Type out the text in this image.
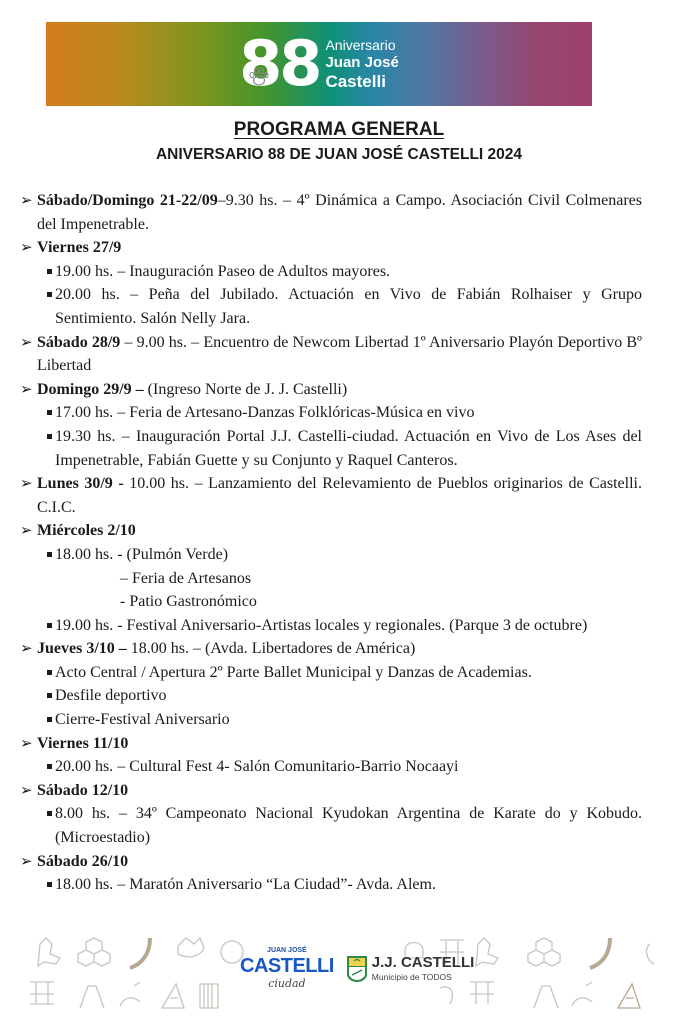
88 Aniversario
Juan José
Castelli
PROGRAMA GENERAL
ANIVERSARIO 88 DE JUAN JOSÉ CASTELLI 2024
➢ Sábado/Domingo 21-22/09–9.30 hs. – 4º Dinámica a Campo. Asociación Civil Colmenares del Impenetrable.
➢ Viernes 27/9
19.00 hs. – Inauguración Paseo de Adultos mayores.
20.00 hs. – Peña del Jubilado. Actuación en Vivo de Fabián Rolhaiser y Grupo Sentimiento. Salón Nelly Jara.
➢ Sábado 28/9 – 9.00 hs. – Encuentro de Newcom Libertad 1º Aniversario Playón Deportivo Bº Libertad
➢ Domingo 29/9 – (Ingreso Norte de J. J. Castelli)
17.00 hs. – Feria de Artesano-Danzas Folklóricas-Música en vivo
19.30 hs. – Inauguración Portal J.J. Castelli-ciudad. Actuación en Vivo de Los Ases del Impenetrable, Fabián Guette y su Conjunto y Raquel Canteros.
➢ Lunes 30/9 - 10.00 hs. – Lanzamiento del Relevamiento de Pueblos originarios de Castelli. C.I.C.
➢ Miércoles 2/10
18.00 hs. - (Pulmón Verde)
– Feria de Artesanos
- Patio Gastronómico
19.00 hs. - Festival Aniversario-Artistas locales y regionales. (Parque 3 de octubre)
➢ Jueves 3/10 – 18.00 hs. – (Avda. Libertadores de América)
Acto Central / Apertura 2º Parte Ballet Municipal y Danzas de Academias.
Desfile deportivo
Cierre-Festival Aniversario
➢ Viernes 11/10
20.00 hs. – Cultural Fest 4- Salón Comunitario-Barrio Nocaayi
➢ Sábado 12/10
8.00 hs. – 34º Campeonato Nacional Kyudokan Argentina de Karate do y Kobudo. (Microestadio)
➢ Sábado 26/10
18.00 hs. – Maratón Aniversario “La Ciudad”- Avda. Alem.
JUAN JOSÉ
CASTELLI
ciudad
J.J. CASTELLI
Municipio de TODOS
